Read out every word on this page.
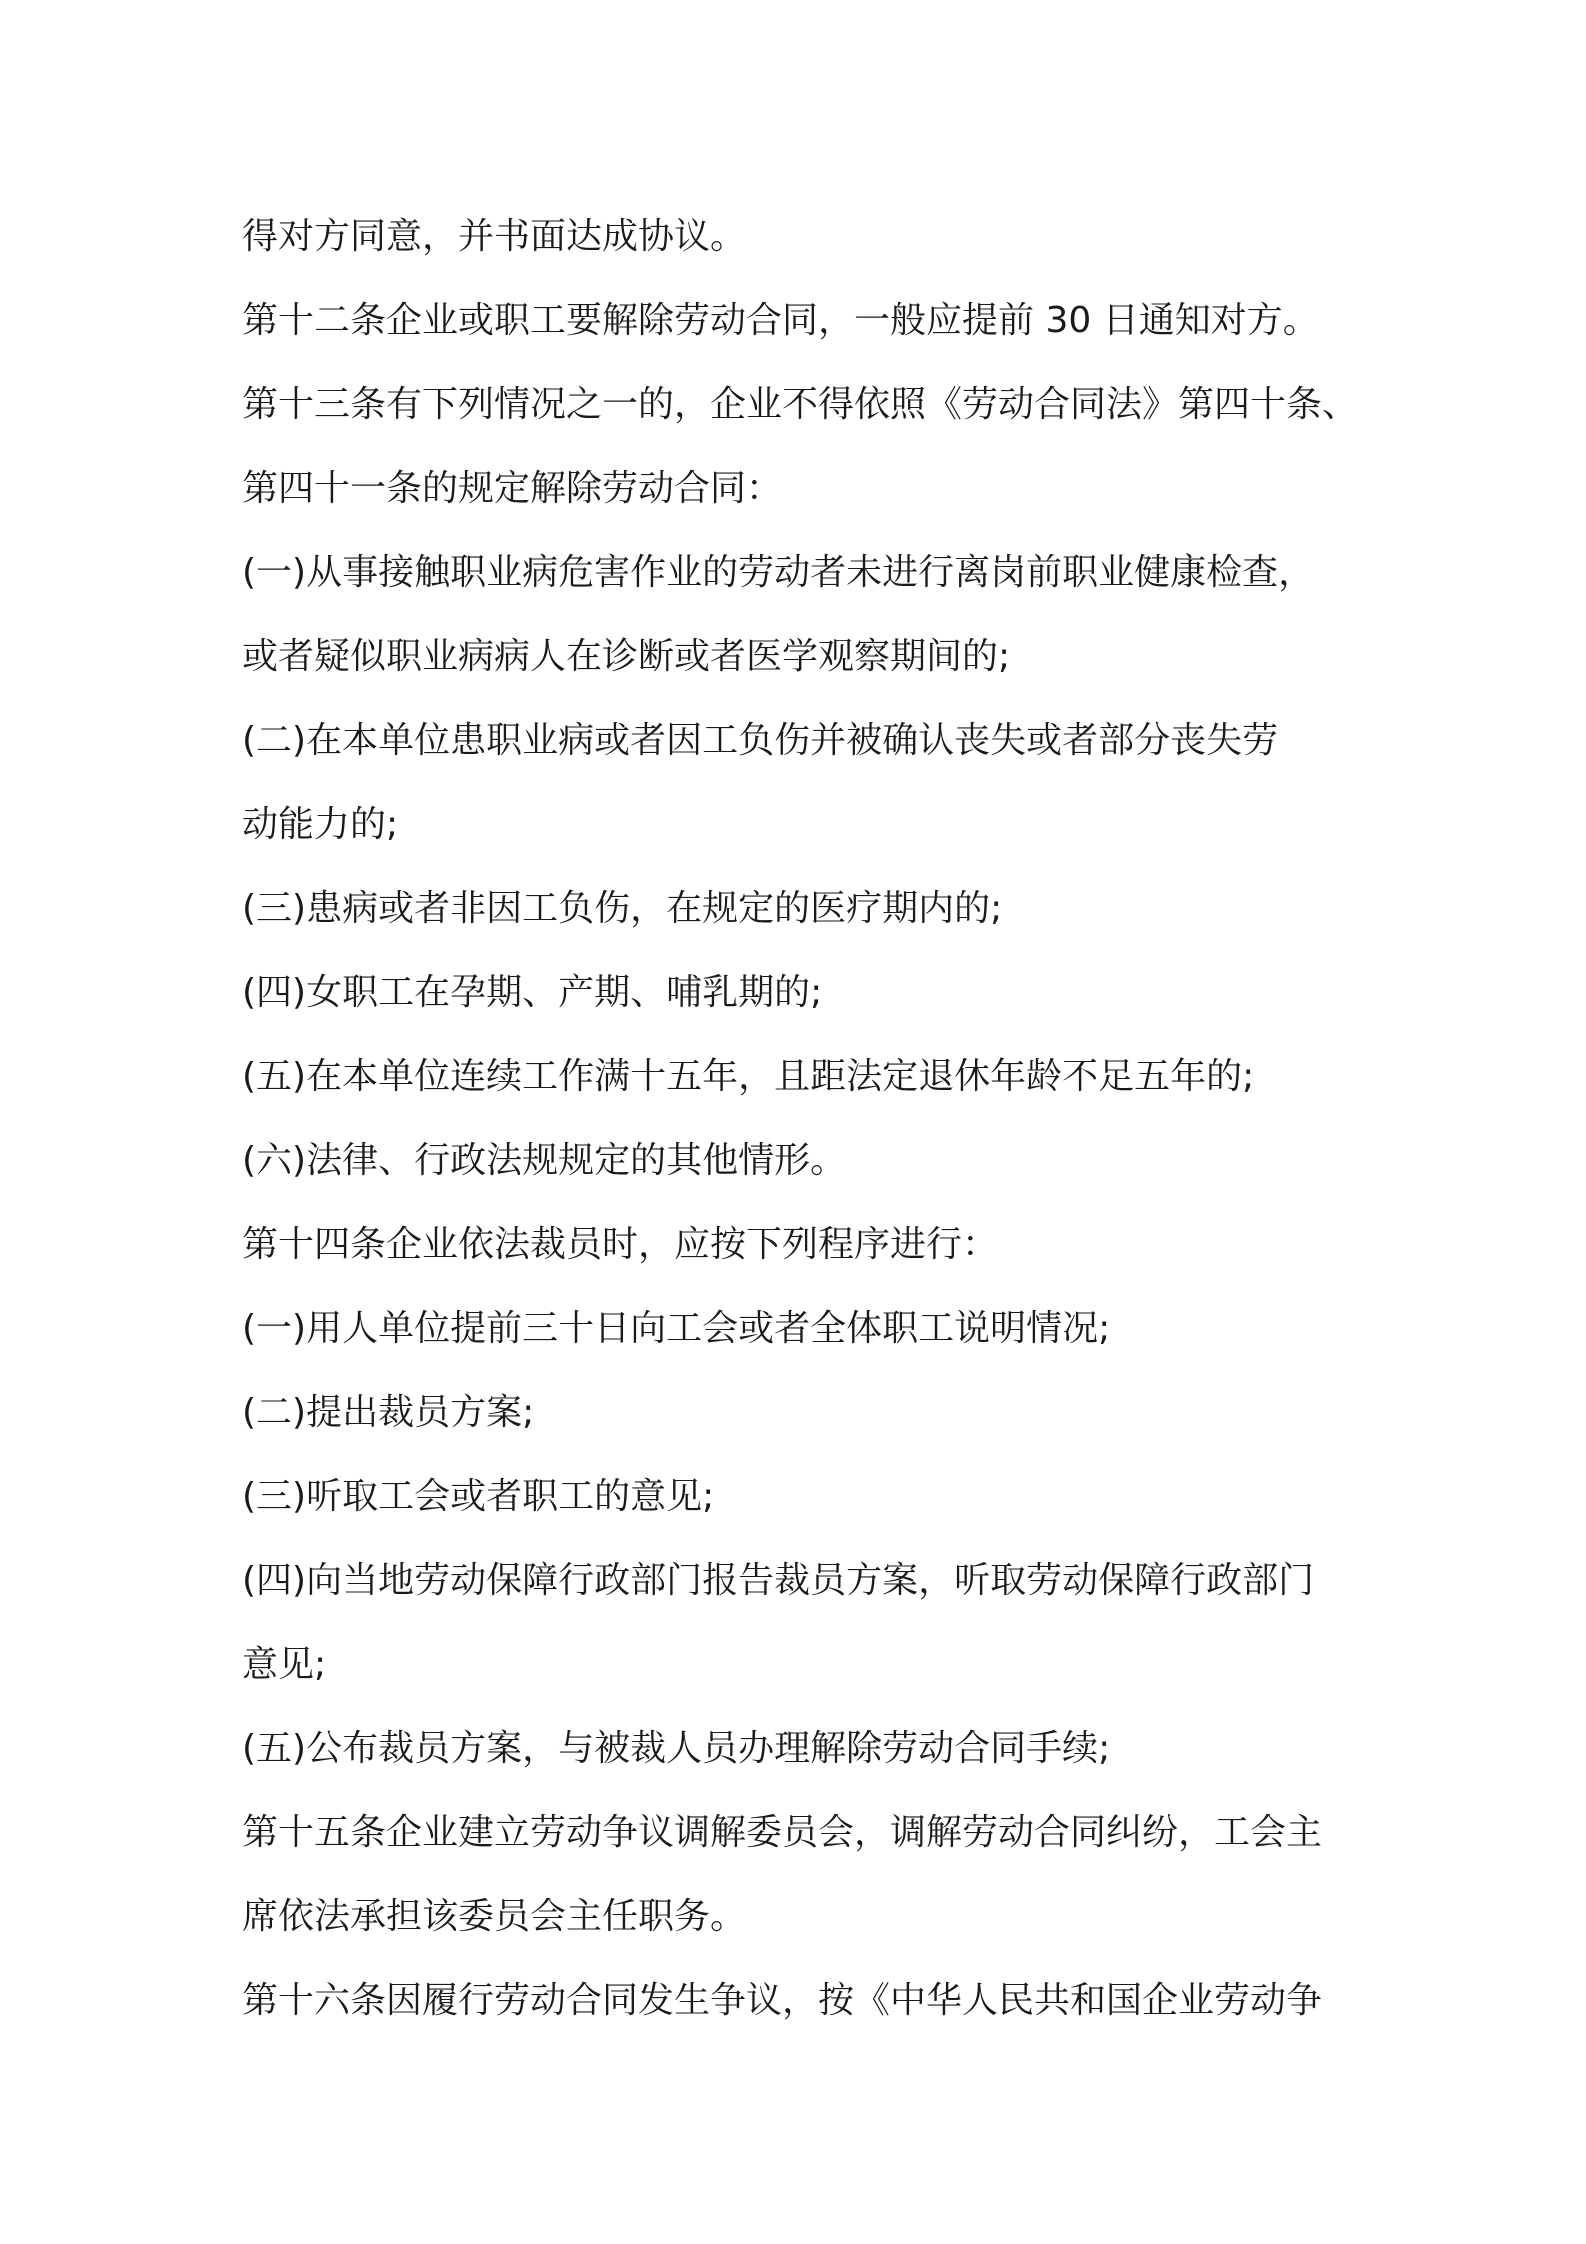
得对方同意，并书面达成协议。
第十二条企业或职工要解除劳动合同，一般应提前 30 日通知对方。
第十三条有下列情况之一的，企业不得依照《劳动合同法》第四十条、
第四十一条的规定解除劳动合同：
(一)从事接触职业病危害作业的劳动者未进行离岗前职业健康检查，
或者疑似职业病病人在诊断或者医学观察期间的;
(二)在本单位患职业病或者因工负伤并被确认丧失或者部分丧失劳
动能力的;
(三)患病或者非因工负伤，在规定的医疗期内的;
(四)女职工在孕期、产期、哺乳期的;
(五)在本单位连续工作满十五年，且距法定退休年龄不足五年的;
(六)法律、行政法规规定的其他情形。
第十四条企业依法裁员时，应按下列程序进行：
(一)用人单位提前三十日向工会或者全体职工说明情况;
(二)提出裁员方案;
(三)听取工会或者职工的意见;
(四)向当地劳动保障行政部门报告裁员方案，听取劳动保障行政部门
意见;
(五)公布裁员方案，与被裁人员办理解除劳动合同手续;
第十五条企业建立劳动争议调解委员会，调解劳动合同纠纷，工会主
席依法承担该委员会主任职务。
第十六条因履行劳动合同发生争议，按《中华人民共和国企业劳动争
